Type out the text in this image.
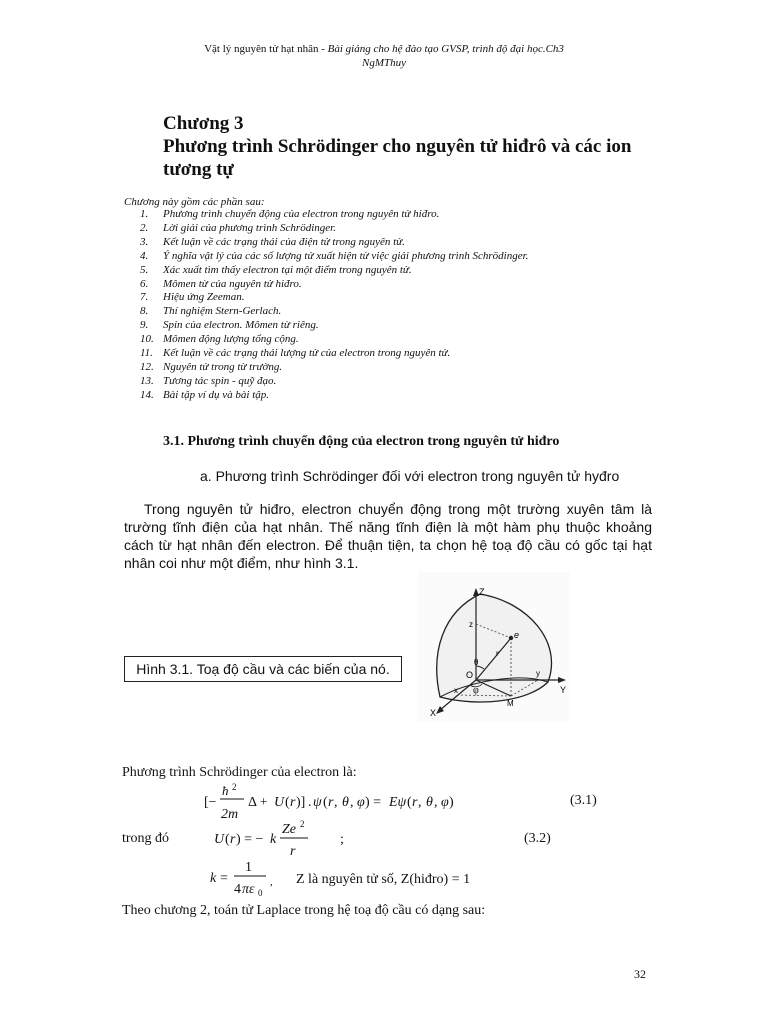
Vật lý nguyên tử hạt nhân - Bài giảng cho hệ đào tạo GVSP, trình độ đại học.Ch3
NgMThuy
Chương 3
Phương trình Schrödinger cho nguyên tử hiđrô và các ion tương tự
Chương này gồm các phần sau:
1.	Phương trình chuyển động của electron trong nguyên tử hiđro.
2.	Lời giải của phương trình Schrödinger.
3.	Kết luận về các trạng thái của điện tử trong nguyên tử.
4.	Ý nghĩa vật lý của các số lượng tử xuất hiện từ việc giải phương trình Schrödinger.
5.	Xác xuất tìm thấy electron tại một điểm trong nguyên tử.
6.	Mômen từ của nguyên tử hiđro.
7.	Hiệu ứng Zeeman.
8.	Thí nghiệm Stern-Gerlach.
9.	Spin của electron. Mômen từ riêng.
10. Mômen động lượng tổng cộng.
11. Kết luận về các trạng thái lượng tử của electron trong nguyên tử.
12. Nguyên tử trong từ trường.
13. Tương tác spin - quỹ đạo.
14. Bài tập ví dụ và bài tập.
3.1. Phương trình chuyển động của electron trong nguyên tử hiđro
a. Phương trình Schrödinger đối với electron trong nguyên tử hyđro
Trong nguyên tử hiđro, electron chuyển động trong một trường xuyên tâm là trường tĩnh điện của hạt nhân. Thế năng tĩnh điện là một hàm phụ thuộc khoảng cách từ hạt nhân đến electron. Để thuận tiện, ta chọn hệ toạ độ cầu có gốc tại hạt nhân coi như một điểm, như hình 3.1.
Hình 3.1. Toạ độ cầu và các biến của nó.
Z
Y
X
O
e
r
θ
φ
z
y
x
M
Phương trình Schrödinger của electron là:
[−
ħ 2
2m
Δ + U ( r )] . ψ ( r , θ , φ ) = Eψ ( r , θ , φ )	(3.1)
trong đó	U ( r ) = − k
Ze 2
r
;	(3.2)
k =
1
4 πε 0
, Z là nguyên tử số, Z(hiđro) = 1
Theo chương 2, toán tử Laplace trong hệ toạ độ cầu có dạng sau:
32
